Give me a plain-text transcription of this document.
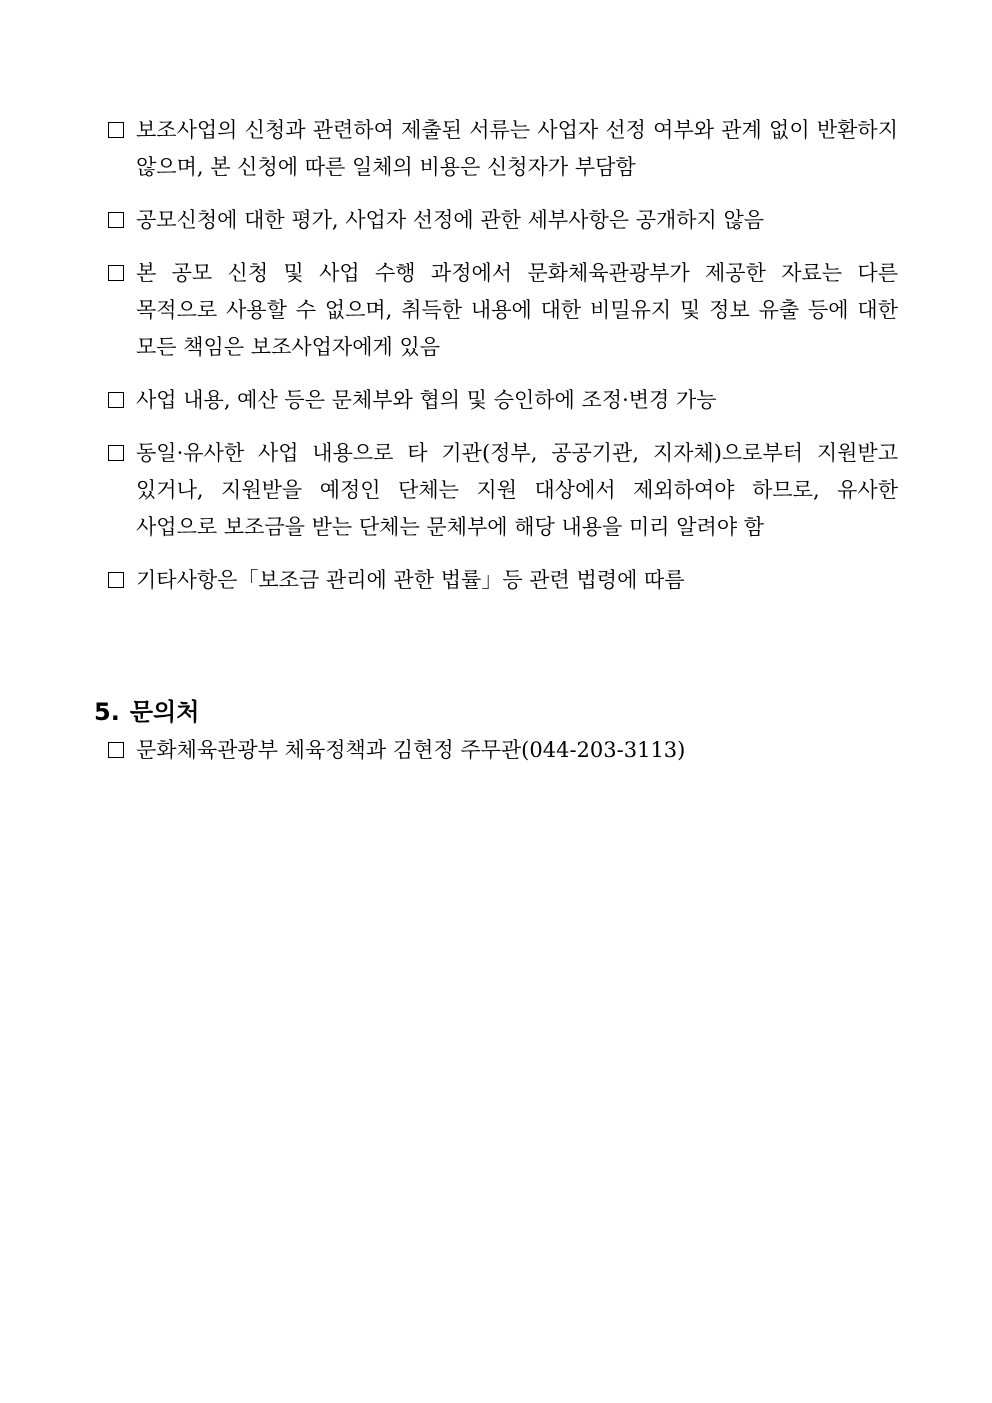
보조사업의 신청과 관련하여 제출된 서류는 사업자 선정 여부와 관계 없이 반환하지 않으며, 본 신청에 따른 일체의 비용은 신청자가 부담함
공모신청에 대한 평가, 사업자 선정에 관한 세부사항은 공개하지 않음
본 공모 신청 및 사업 수행 과정에서 문화체육관광부가 제공한 자료는 다른 목적으로 사용할 수 없으며, 취득한 내용에 대한 비밀유지 및 정보 유출 등에 대한 모든 책임은 보조사업자에게 있음
사업 내용, 예산 등은 문체부와 협의 및 승인하에 조정·변경 가능
동일·유사한 사업 내용으로 타 기관(정부, 공공기관, 지자체)으로부터 지원받고 있거나, 지원받을 예정인 단체는 지원 대상에서 제외하여야 하므로, 유사한 사업으로 보조금을 받는 단체는 문체부에 해당 내용을 미리 알려야 함
기타사항은「보조금 관리에 관한 법률」등 관련 법령에 따름
5. 문의처
문화체육관광부 체육정책과 김현정 주무관(044-203-3113)
